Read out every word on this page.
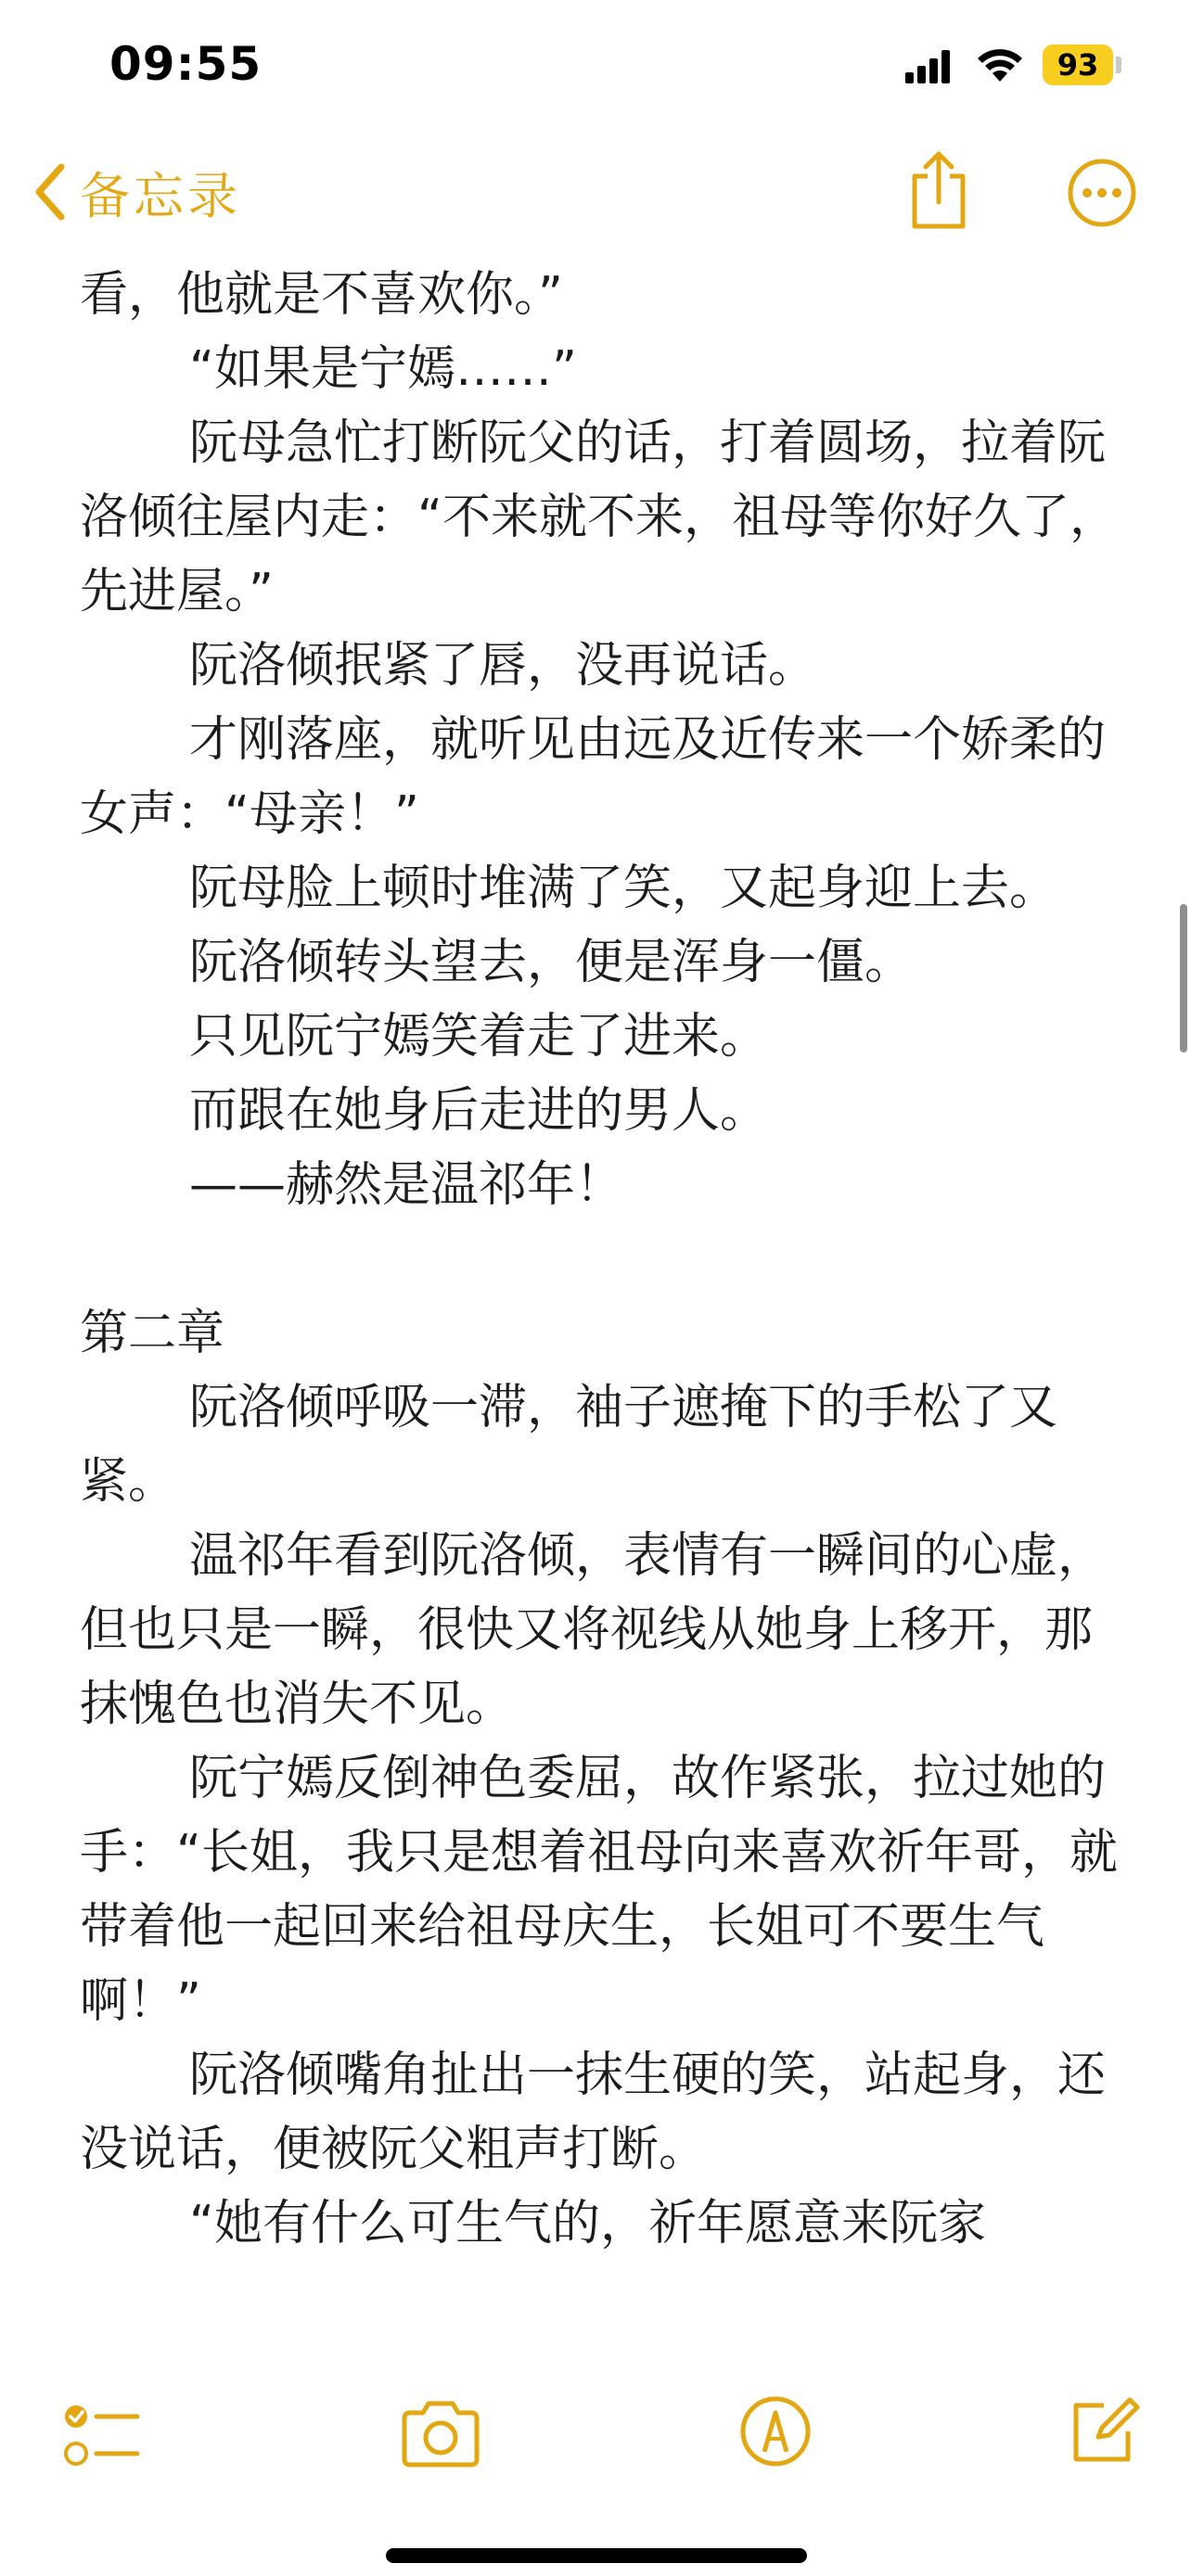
09:55	93
备忘录

看，他就是不喜欢你。”

“如果是宁嫣……”

阮母急忙打断阮父的话，打着圆场，拉着阮洛倾往屋内走：“不来就不来，祖母等你好久了，先进屋。”

阮洛倾抿紧了唇，没再说话。

才刚落座，就听见由远及近传来一个娇柔的女声：“母亲！”

阮母脸上顿时堆满了笑，又起身迎上去。

阮洛倾转头望去，便是浑身一僵。

只见阮宁嫣笑着走了进来。

而跟在她身后走进的男人。

——赫然是温祁年！

第二章

阮洛倾呼吸一滞，袖子遮掩下的手松了又紧。

温祁年看到阮洛倾，表情有一瞬间的心虚，但也只是一瞬，很快又将视线从她身上移开，那抹愧色也消失不见。

阮宁嫣反倒神色委屈，故作紧张，拉过她的手：“长姐，我只是想着祖母向来喜欢祈年哥，就带着他一起回来给祖母庆生，长姐可不要生气啊！”

阮洛倾嘴角扯出一抹生硬的笑，站起身，还没说话，便被阮父粗声打断。

“她有什么可生气的，祈年愿意来阮家
